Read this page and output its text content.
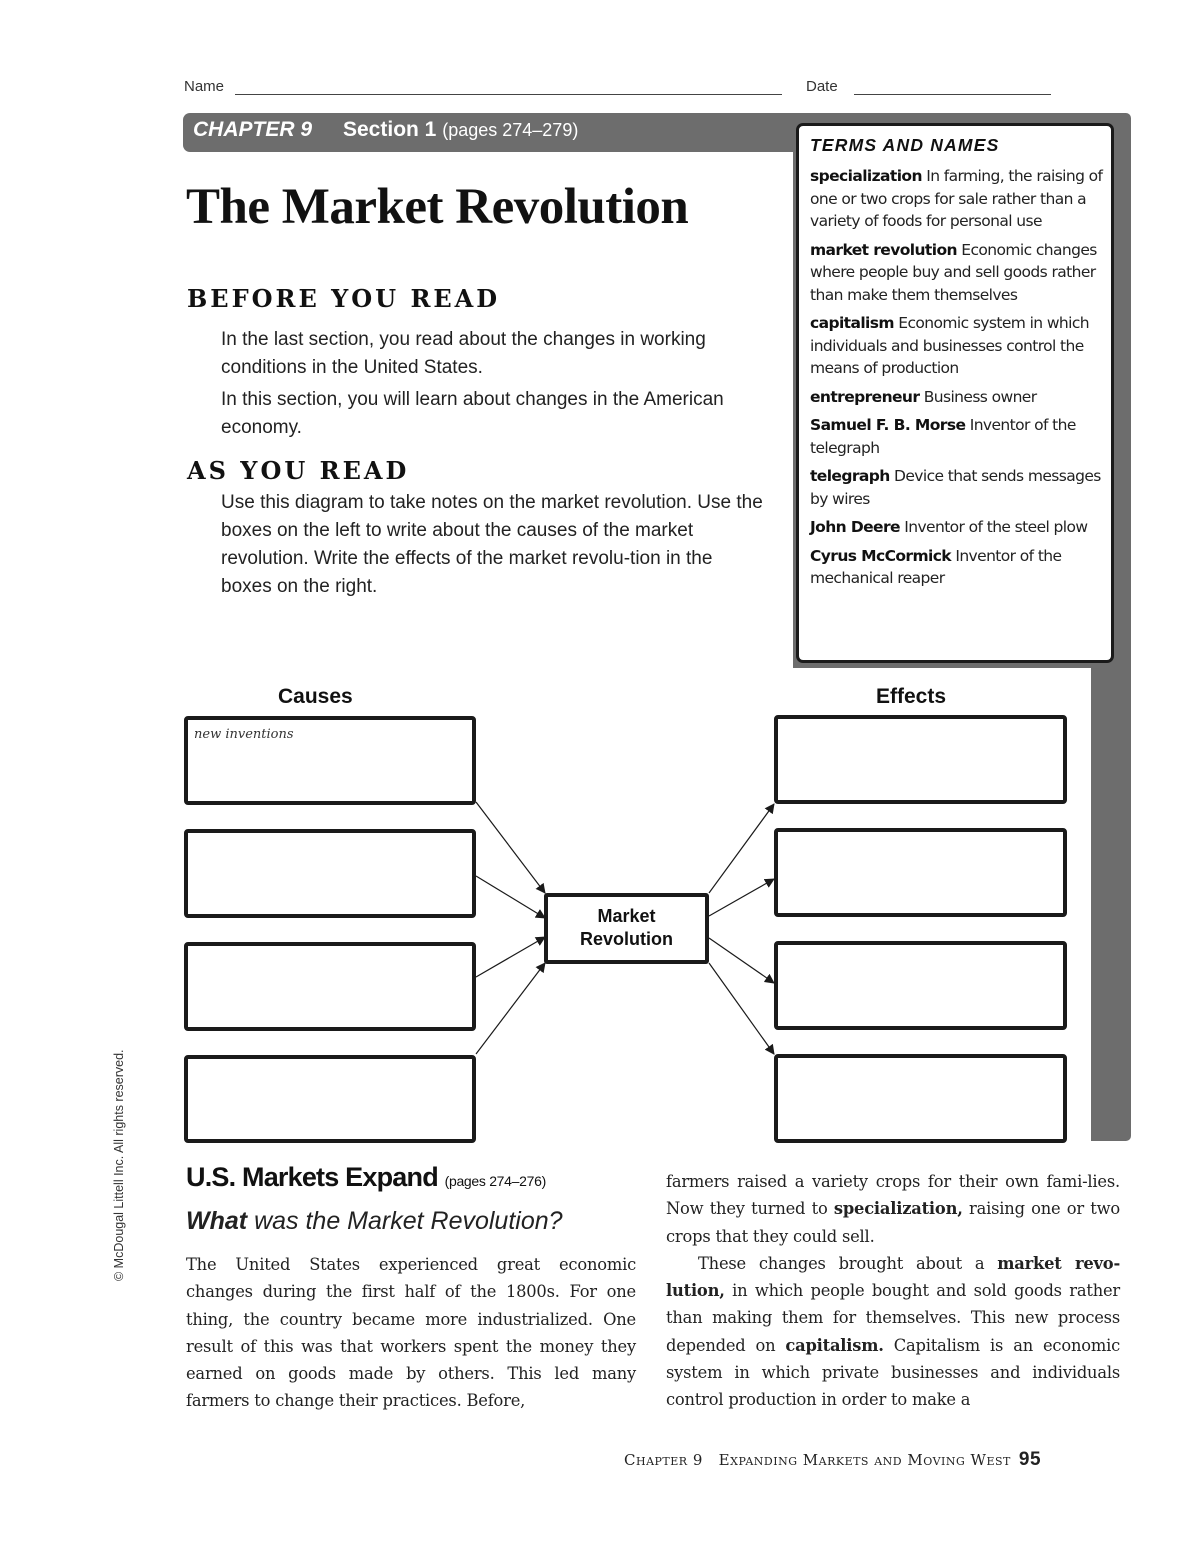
Name	Date
CHAPTER 9 Section 1 (pages 274–279)
The Market Revolution
BEFORE YOU READ

In the last section, you read about the changes in working conditions in the United States.

In this section, you will learn about changes in the American economy.

AS YOU READ

Use this diagram to take notes on the market revolution. Use the boxes on the left to write about the causes of the market revolution. Write the effects of the market revolu-tion in the boxes on the right.

TERMS AND NAMES
specialization In farming, the raising of one or two crops for sale rather than a variety of foods for personal use
market revolution Economic changes where people buy and sell goods rather than make them themselves
capitalism Economic system in which individuals and businesses control the means of production
entrepreneur Business owner
Samuel F. B. Morse Inventor of the telegraph
telegraph Device that sends messages by wires
John Deere Inventor of the steel plow
Cyrus McCormick Inventor of the mechanical reaper
Causes	Effects
new inventions
Market
Revolution
© McDougal Littell Inc. All rights reserved. U.S. Markets Expand (pages 274–276)
What was the Market Revolution?

The United States experienced great economic changes during the first half of the 1800s. For one thing, the country became more industrialized. One result of this was that workers spent the money they earned on goods made by others. This led many farmers to change their practices. Before,

farmers raised a variety crops for their own fami-lies. Now they turned to specialization, raising one or two crops that they could sell.

These changes brought about a market revo-lution, in which people bought and sold goods rather than making them for themselves. This new process depended on capitalism. Capitalism is an economic system in which private businesses and individuals control production in order to make a

Chapter 9   Expanding Markets and Moving West 95
